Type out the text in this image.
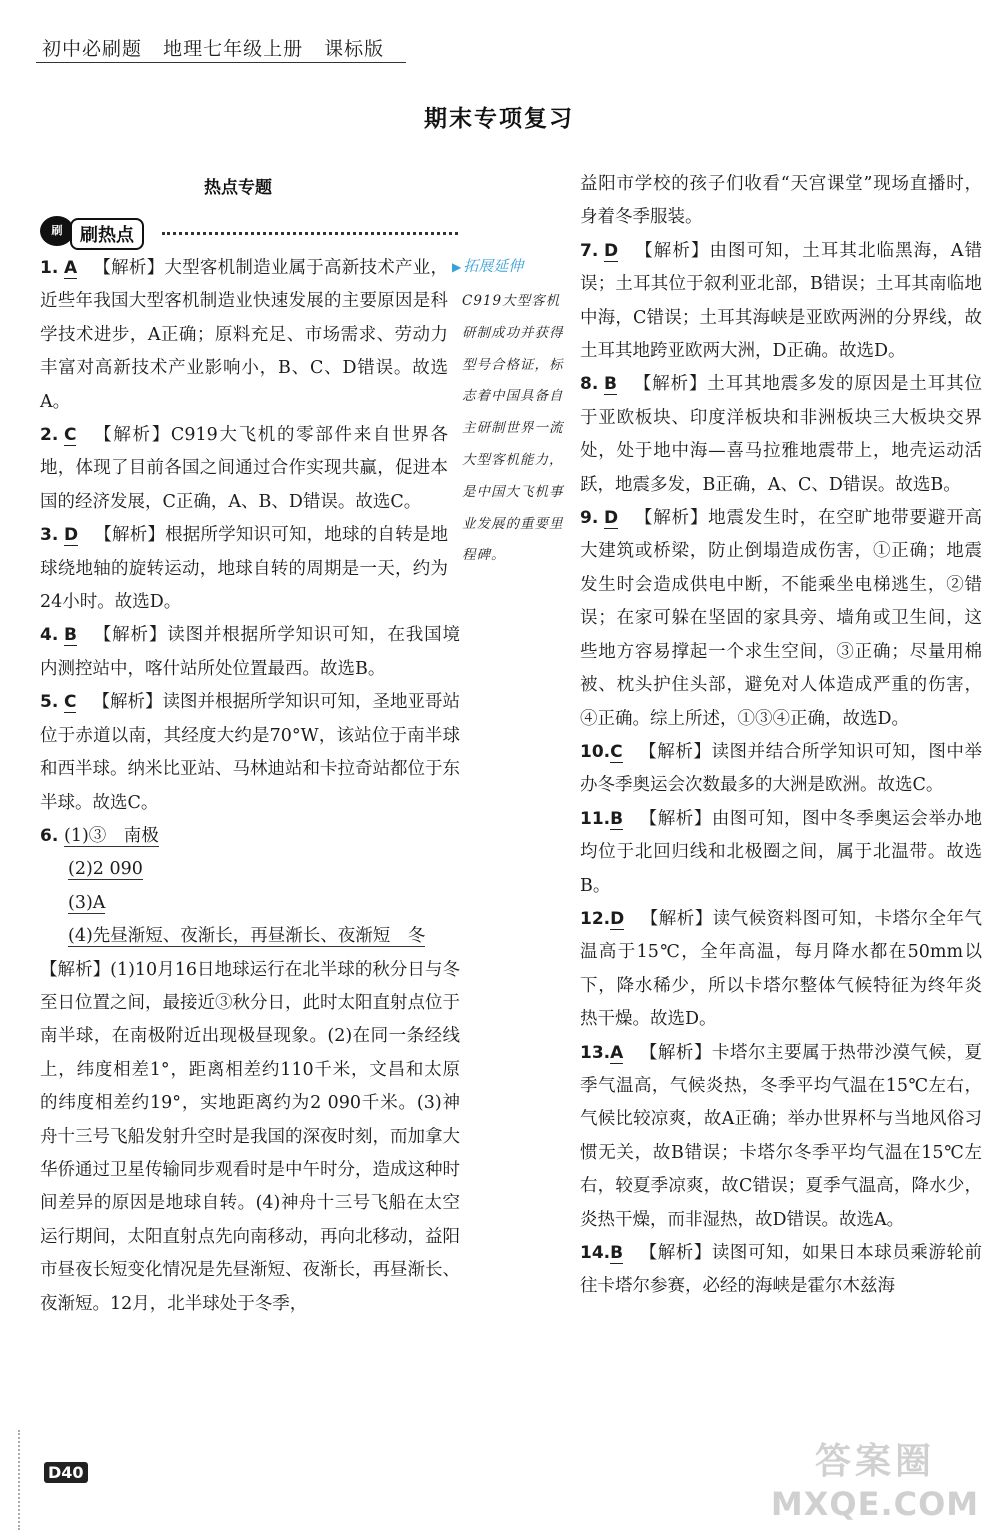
初中必刷题 地理七年级上册 课标版
期末专项复习
热点专题
刷 刷热点
▶ 拓展延伸
C919大型客机研制成功并获得型号合格证，标志着中国具备自主研制世界一流大型客机能力，是中国大飞机事业发展的重要里程碑。

1. A 【解析】大型客机制造业属于高新技术产业，近些年我国大型客机制造业快速发展的主要原因是科学技术进步，A正确；原料充足、市场需求、劳动力丰富对高新技术产业影响小，B、C、D错误。故选A。

2. C 【解析】C919大飞机的零部件来自世界各地，体现了目前各国之间通过合作实现共赢，促进本国的经济发展，C正确，A、B、D错误。故选C。

3. D 【解析】根据所学知识可知，地球的自转是地球绕地轴的旋转运动，地球自转的周期是一天，约为24小时。故选D。

4. B 【解析】读图并根据所学知识可知，在我国境内测控站中，喀什站所处位置最西。故选B。

5. C 【解析】读图并根据所学知识可知，圣地亚哥站位于赤道以南，其经度大约是70°W，该站位于南半球和西半球。纳米比亚站、马林迪站和卡拉奇站都位于东半球。故选C。

6. (1)③　南极

(2)2 090

(3)A

(4)先昼渐短、夜渐长，再昼渐长、夜渐短　冬

【解析】(1)10月16日地球运行在北半球的秋分日与冬至日位置之间，最接近③秋分日，此时太阳直射点位于南半球，在南极附近出现极昼现象。(2)在同一条经线上，纬度相差1°，距离相差约110千米，文昌和太原的纬度相差约19°，实地距离约为2 090千米。(3)神舟十三号飞船发射升空时是我国的深夜时刻，而加拿大华侨通过卫星传输同步观看时是中午时分，造成这种时间差异的原因是地球自转。(4)神舟十三号飞船在太空运行期间，太阳直射点先向南移动，再向北移动，益阳市昼夜长短变化情况是先昼渐短、夜渐长，再昼渐长、夜渐短。12月，北半球处于冬季，

益阳市学校的孩子们收看“天宫课堂”现场直播时，身着冬季服装。

7. D 【解析】由图可知，土耳其北临黑海，A错误；土耳其位于叙利亚北部，B错误；土耳其南临地中海，C错误；土耳其海峡是亚欧两洲的分界线，故土耳其地跨亚欧两大洲，D正确。故选D。

8. B 【解析】土耳其地震多发的原因是土耳其位于亚欧板块、印度洋板块和非洲板块三大板块交界处，处于地中海—喜马拉雅地震带上，地壳运动活跃，地震多发，B正确，A、C、D错误。故选B。

9. D 【解析】地震发生时，在空旷地带要避开高大建筑或桥梁，防止倒塌造成伤害，①正确；地震发生时会造成供电中断，不能乘坐电梯逃生，②错误；在家可躲在坚固的家具旁、墙角或卫生间，这些地方容易撑起一个求生空间，③正确；尽量用棉被、枕头护住头部，避免对人体造成严重的伤害，④正确。综上所述，①③④正确，故选D。

10.C 【解析】读图并结合所学知识可知，图中举办冬季奥运会次数最多的大洲是欧洲。故选C。

11.B 【解析】由图可知，图中冬季奥运会举办地均位于北回归线和北极圈之间，属于北温带。故选B。

12.D 【解析】读气候资料图可知，卡塔尔全年气温高于15℃，全年高温，每月降水都在50mm以下，降水稀少，所以卡塔尔整体气候特征为终年炎热干燥。故选D。

13.A 【解析】卡塔尔主要属于热带沙漠气候，夏季气温高，气候炎热，冬季平均气温在15℃左右，气候比较凉爽，故A正确；举办世界杯与当地风俗习惯无关，故B错误；卡塔尔冬季平均气温在15℃左右，较夏季凉爽，故C错误；夏季气温高，降水少，炎热干燥，而非湿热，故D错误。故选A。

14.B 【解析】读图可知，如果日本球员乘游轮前往卡塔尔参赛，必经的海峡是霍尔木兹海

D40	答案圈
MXQE.COM
